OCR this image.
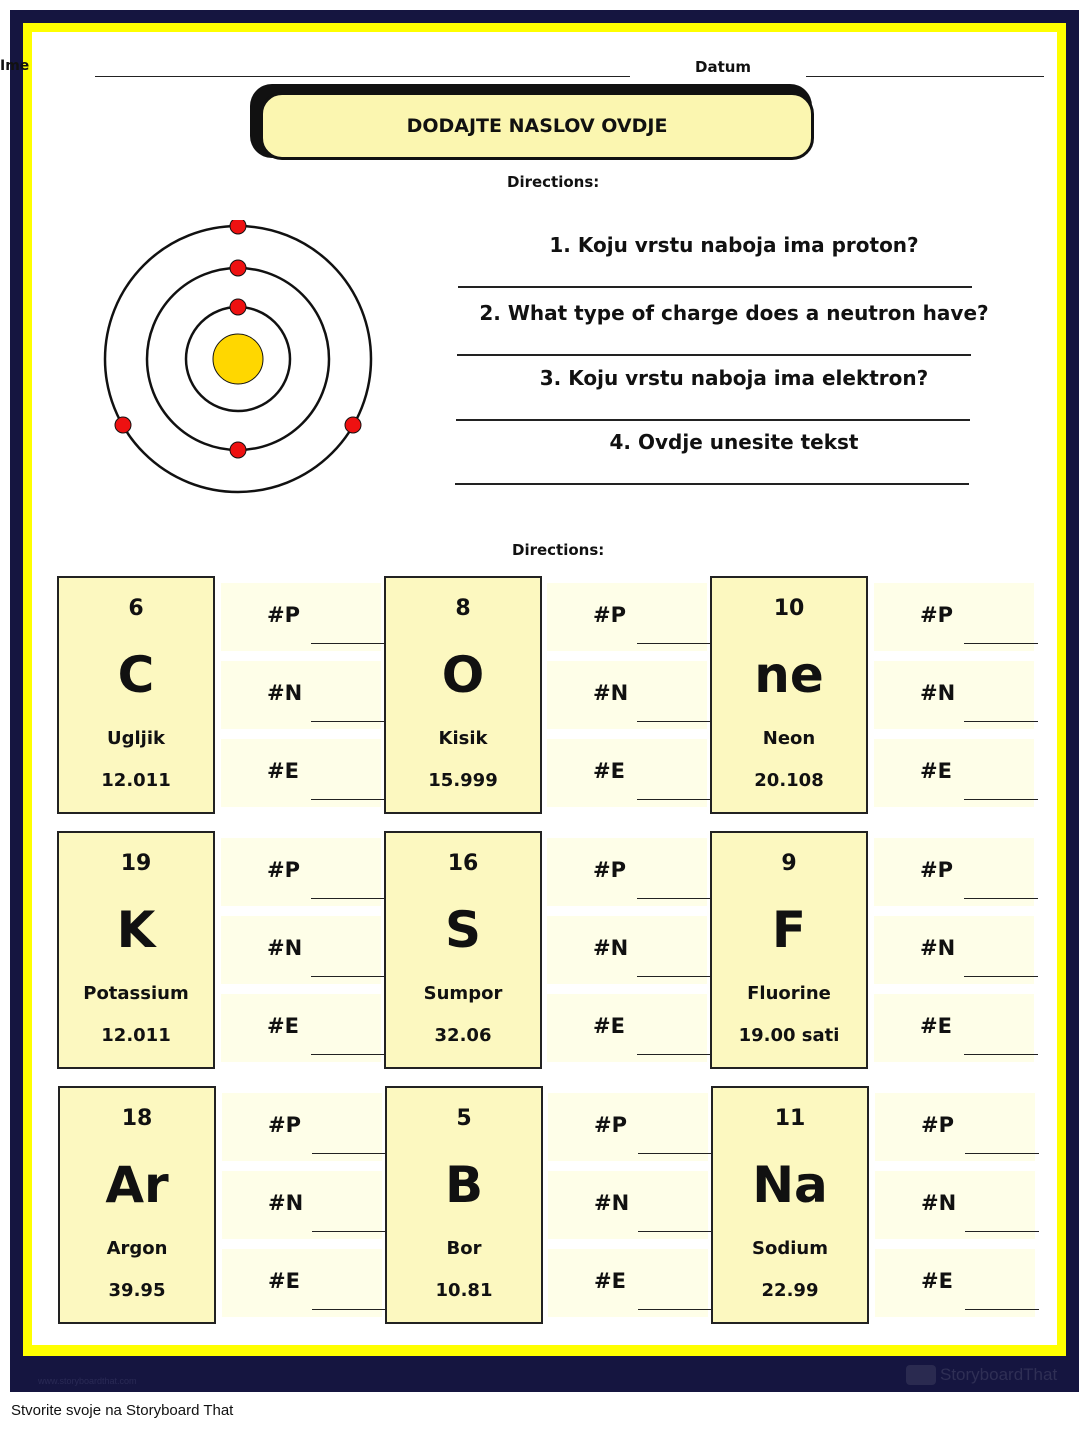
www.storyboardthat.com	StoryboardThat
Ime	Datum
DODAJTE NASLOV OVDJE
Directions:
1. Koju vrstu naboja ima proton?
2. What type of charge does a neutron have?
3. Koju vrstu naboja ima elektron?
4. Ovdje unesite tekst
Directions:
6
C
Ugljik
12.011
8
O
Kisik
15.999
10
ne
Neon
20.108
19
K
Potassium
12.011
16
S
Sumpor
32.06
9
F
Fluorine
19.00 sati
18
Ar
Argon
39.95
5
B
Bor
10.81
11
Na
Sodium
22.99
#P
#N
#E
#P
#N
#E
#P
#N
#E
#P
#N
#E
#P
#N
#E
#P
#N
#E
#P
#N
#E
#P
#N
#E
#P
#N
#E
Stvorite svoje na Storyboard That
